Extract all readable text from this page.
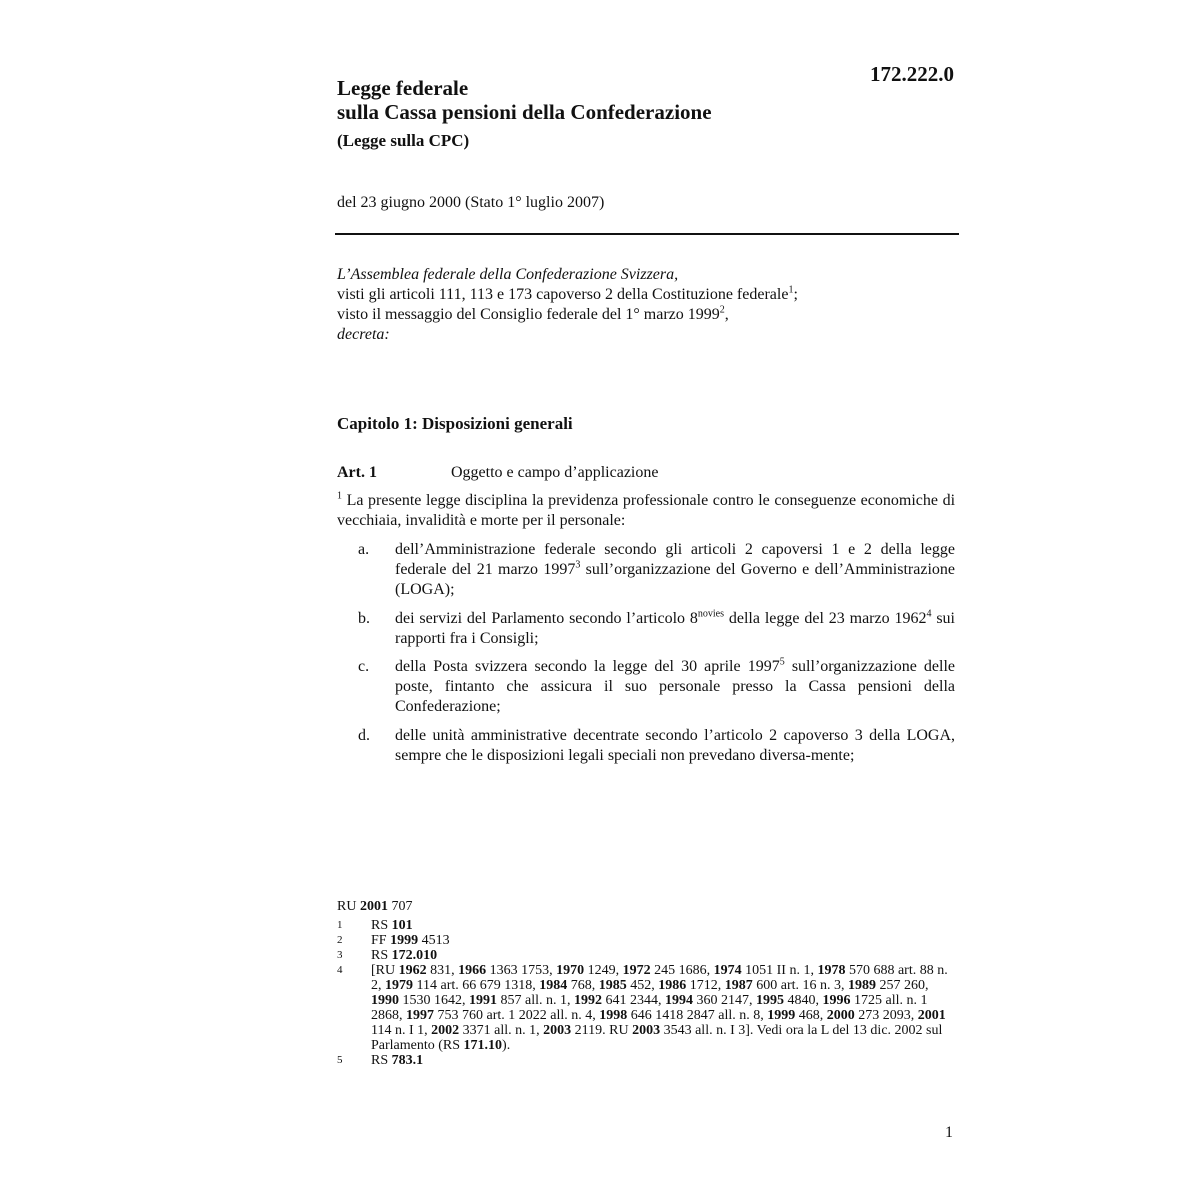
172.222.0
Legge federale
sulla Cassa pensioni della Confederazione
(Legge sulla CPC)
del 23 giugno 2000 (Stato 1° luglio 2007)
L’Assemblea federale della Confederazione Svizzera,
visti gli articoli 111, 113 e 173 capoverso 2 della Costituzione federale$^1$;
visto il messaggio del Consiglio federale del 1° marzo 1999$^2$,
decreta:
Capitolo 1: Disposizioni generali
Art. 1	Oggetto e campo d’applicazione
$^1$ La presente legge disciplina la previdenza professionale contro le conseguenze economiche di vecchiaia, invalidità e morte per il personale:
a. dell’Amministrazione federale secondo gli articoli 2 capoversi 1 e 2 della legge federale del 21 marzo 1997$^3$ sull’organizzazione del Governo e dell’Amministrazione (LOGA);
b. dei servizi del Parlamento secondo l’articolo $8^{novies}$ della legge del 23 marzo 1962$^4$ sui rapporti fra i Consigli;
c. della Posta svizzera secondo la legge del 30 aprile 1997$^5$ sull’organizzazione delle poste, fintanto che assicura il suo personale presso la Cassa pensioni della Confederazione;
d. delle unità amministrative decentrate secondo l’articolo 2 capoverso 3 della LOGA, sempre che le disposizioni legali speciali non prevedano diversa-mente;
RU 2001 707
1 RS 101
2 FF 1999 4513
3 RS 172.010
4 [RU 1962 831, 1966 1363 1753, 1970 1249, 1972 245 1686, 1974 1051 II n. 1, 1978 570 688 art. 88 n. 2, 1979 114 art. 66 679 1318, 1984 768, 1985 452, 1986 1712, 1987 600 art. 16 n. 3, 1989 257 260, 1990 1530 1642, 1991 857 all. n. 1, 1992 641 2344, 1994 360 2147, 1995 4840, 1996 1725 all. n. 1 2868, 1997 753 760 art. 1 2022 all. n. 4, 1998 646 1418 2847 all. n. 8, 1999 468, 2000 273 2093, 2001 114 n. I 1, 2002 3371 all. n. 1, 2003 2119. RU 2003 3543 all. n. I 3]. Vedi ora la L del 13 dic. 2002 sul Parlamento (RS 171.10).
5 RS 783.1
1
